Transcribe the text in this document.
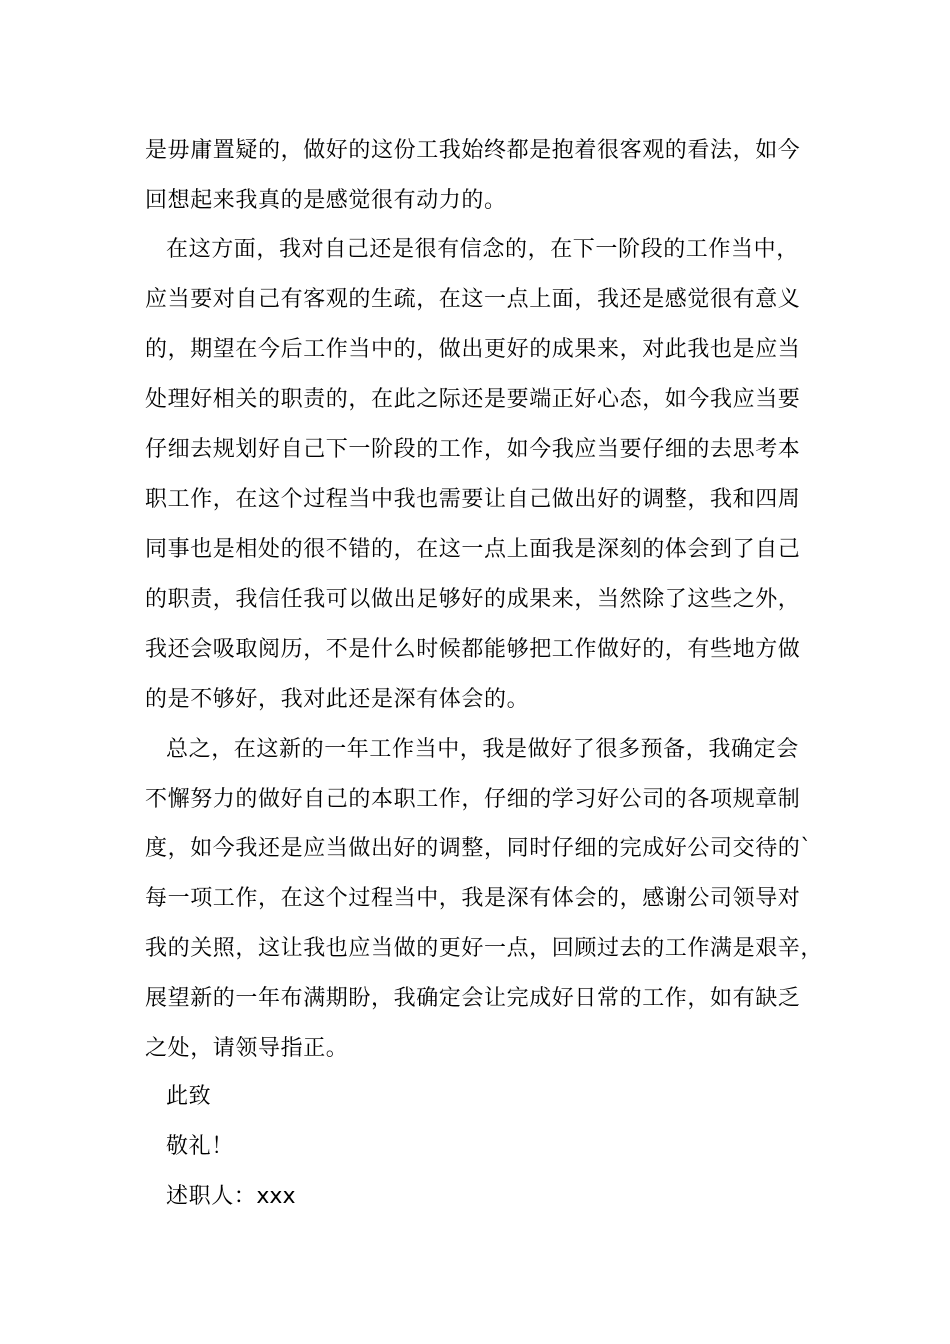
是毋庸置疑的，做好的这份工我始终都是抱着很客观的看法，如今
回想起来我真的是感觉很有动力的。
在这方面，我对自己还是很有信念的，在下一阶段的工作当中，
应当要对自己有客观的生疏，在这一点上面，我还是感觉很有意义
的，期望在今后工作当中的，做出更好的成果来，对此我也是应当
处理好相关的职责的，在此之际还是要端正好心态，如今我应当要
仔细去规划好自己下一阶段的工作，如今我应当要仔细的去思考本
职工作，在这个过程当中我也需要让自己做出好的调整，我和四周
同事也是相处的很不错的，在这一点上面我是深刻的体会到了自己
的职责，我信任我可以做出足够好的成果来，当然除了这些之外，
我还会吸取阅历，不是什么时候都能够把工作做好的，有些地方做
的是不够好，我对此还是深有体会的。
总之，在这新的一年工作当中，我是做好了很多预备，我确定会
不懈努力的做好自己的本职工作，仔细的学习好公司的各项规章制
度，如今我还是应当做出好的调整，同时仔细的完成好公司交待的`
每一项工作，在这个过程当中，我是深有体会的，感谢公司领导对
我的关照，这让我也应当做的更好一点，回顾过去的工作满是艰辛，
展望新的一年布满期盼，我确定会让完成好日常的工作，如有缺乏
之处，请领导指正。
此致
敬礼！
述职人：xxx
